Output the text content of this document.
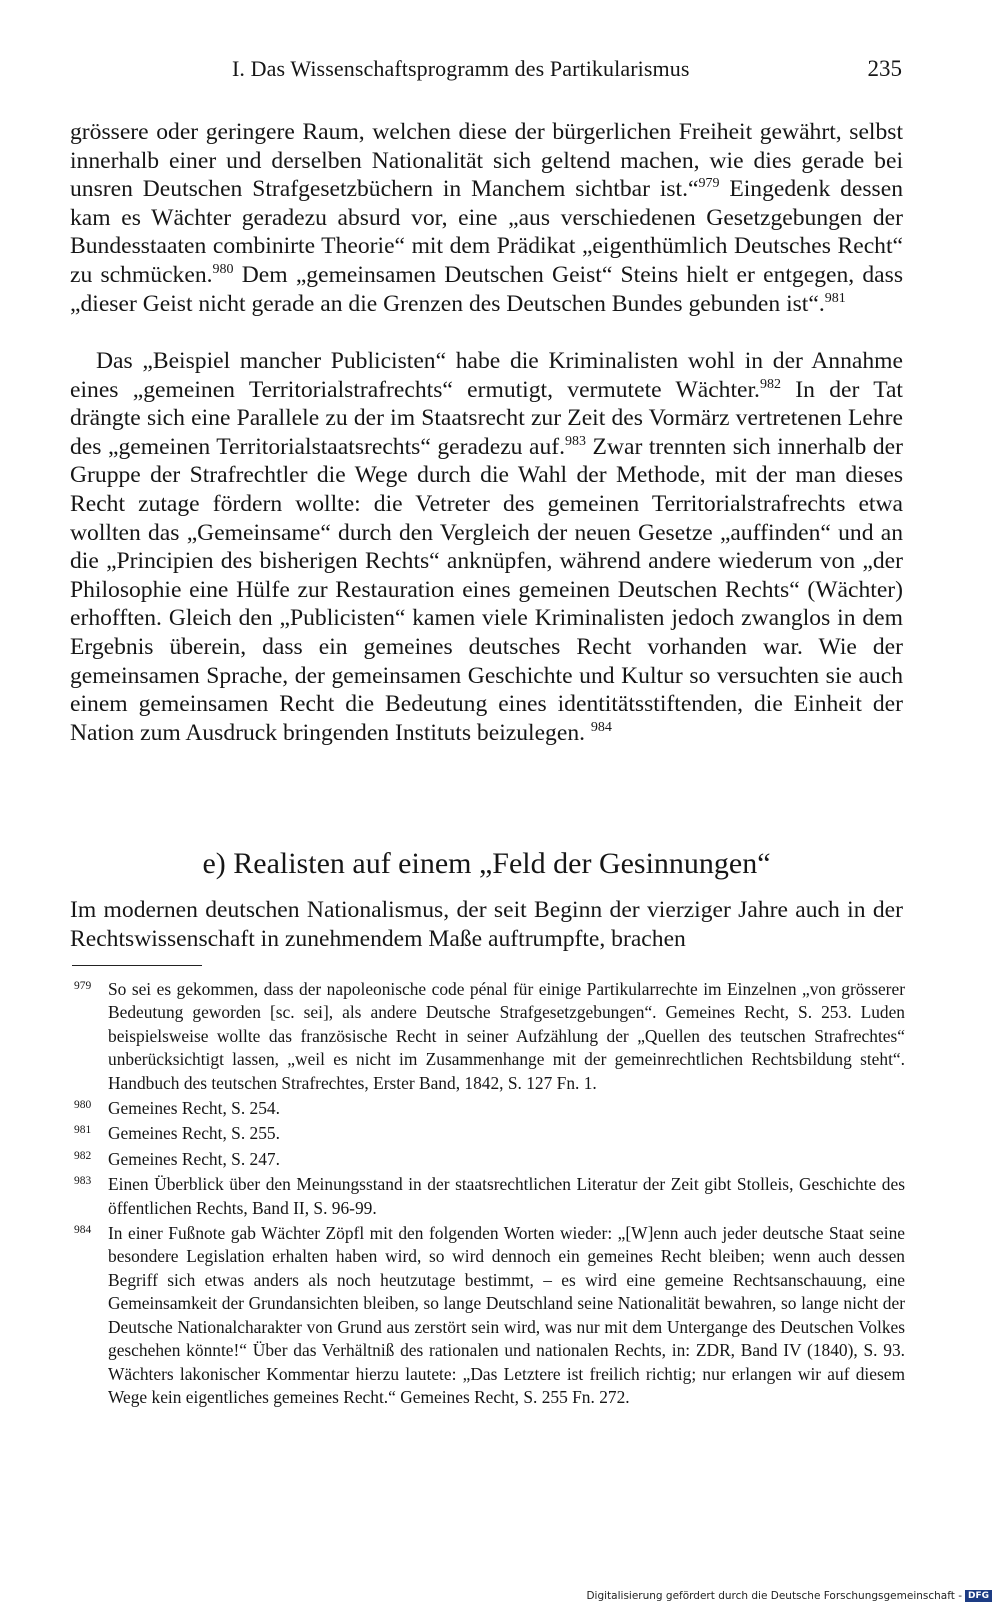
I. Das Wissenschaftsprogramm des Partikularismus	235

grössere oder geringere Raum, welchen diese der bürgerlichen Freiheit gewährt, selbst innerhalb einer und derselben Nationalität sich geltend machen, wie dies gerade bei unsren Deutschen Strafgesetzbüchern in Manchem sichtbar ist.“$^{979}$ Eingedenk dessen kam es Wächter geradezu absurd vor, eine „aus verschiedenen Gesetzgebungen der Bundesstaaten combinirte Theorie“ mit dem Prädikat „eigenthümlich Deutsches Recht“ zu schmücken.$^{980}$ Dem „gemeinsamen Deutschen Geist“ Steins hielt er entgegen, dass „dieser Geist nicht gerade an die Grenzen des Deutschen Bundes gebunden ist“.$^{981}$

Das „Beispiel mancher Publicisten“ habe die Kriminalisten wohl in der Annahme eines „gemeinen Territorialstrafrechts“ ermutigt, vermutete Wächter.$^{982}$ In der Tat drängte sich eine Parallele zu der im Staatsrecht zur Zeit des Vormärz vertretenen Lehre des „gemeinen Territorialstaatsrechts“ geradezu auf.$^{983}$ Zwar trennten sich innerhalb der Gruppe der Strafrechtler die Wege durch die Wahl der Methode, mit der man dieses Recht zutage fördern wollte: die Vetreter des gemeinen Territorialstrafrechts etwa wollten das „Gemeinsame“ durch den Vergleich der neuen Gesetze „auffinden“ und an die „Principien des bisherigen Rechts“ anknüpfen, während andere wiederum von „der Philosophie eine Hülfe zur Restauration eines gemeinen Deutschen Rechts“ (Wächter) erhofften. Gleich den „Publicisten“ kamen viele Kriminalisten jedoch zwanglos in dem Ergebnis überein, dass ein gemeines deutsches Recht vorhanden war. Wie der gemeinsamen Sprache, der gemeinsamen Geschichte und Kultur so versuchten sie auch einem gemeinsamen Recht die Bedeutung eines identitätsstiftenden, die Einheit der Nation zum Ausdruck bringenden Instituts beizulegen. $^{984}$

e) Realisten auf einem „Feld der Gesinnungen“

Im modernen deutschen Nationalismus, der seit Beginn der vierziger Jahre auch in der Rechtswissenschaft in zunehmendem Maße auftrumpfte, brachen

979 So sei es gekommen, dass der napoleonische code pénal für einige Partikularrechte im Einzelnen „von grösserer Bedeutung geworden [sc. sei], als andere Deutsche Strafgesetzgebungen“. Gemeines Recht, S. 253. Luden beispielsweise wollte das französische Recht in seiner Aufzählung der „Quellen des teutschen Strafrechtes“ unberücksichtigt lassen, „weil es nicht im Zusammenhange mit der gemeinrechtlichen Rechtsbildung steht“. Handbuch des teutschen Strafrechtes, Erster Band, 1842, S. 127 Fn. 1.

980 Gemeines Recht, S. 254.

981 Gemeines Recht, S. 255.

982 Gemeines Recht, S. 247.

983 Einen Überblick über den Meinungsstand in der staatsrechtlichen Literatur der Zeit gibt Stolleis, Geschichte des öffentlichen Rechts, Band II, S. 96-99.

984 In einer Fußnote gab Wächter Zöpfl mit den folgenden Worten wieder: „[W]enn auch jeder deutsche Staat seine besondere Legislation erhalten haben wird, so wird dennoch ein gemeines Recht bleiben; wenn auch dessen Begriff sich etwas anders als noch heutzutage bestimmt, – es wird eine gemeine Rechtsanschauung, eine Gemeinsamkeit der Grundansichten bleiben, so lange Deutschland seine Nationalität bewahren, so lange nicht der Deutsche Nationalcharakter von Grund aus zerstört sein wird, was nur mit dem Untergange des Deutschen Volkes geschehen könnte!“ Über das Verhältniß des rationalen und nationalen Rechts, in: ZDR, Band IV (1840), S. 93. Wächters lakonischer Kommentar hierzu lautete: „Das Letztere ist freilich richtig; nur erlangen wir auf diesem Wege kein eigentliches gemeines Recht.“ Gemeines Recht, S. 255 Fn. 272.

Digitalisierung gefördert durch die Deutsche Forschungsgemeinschaft - DFG
